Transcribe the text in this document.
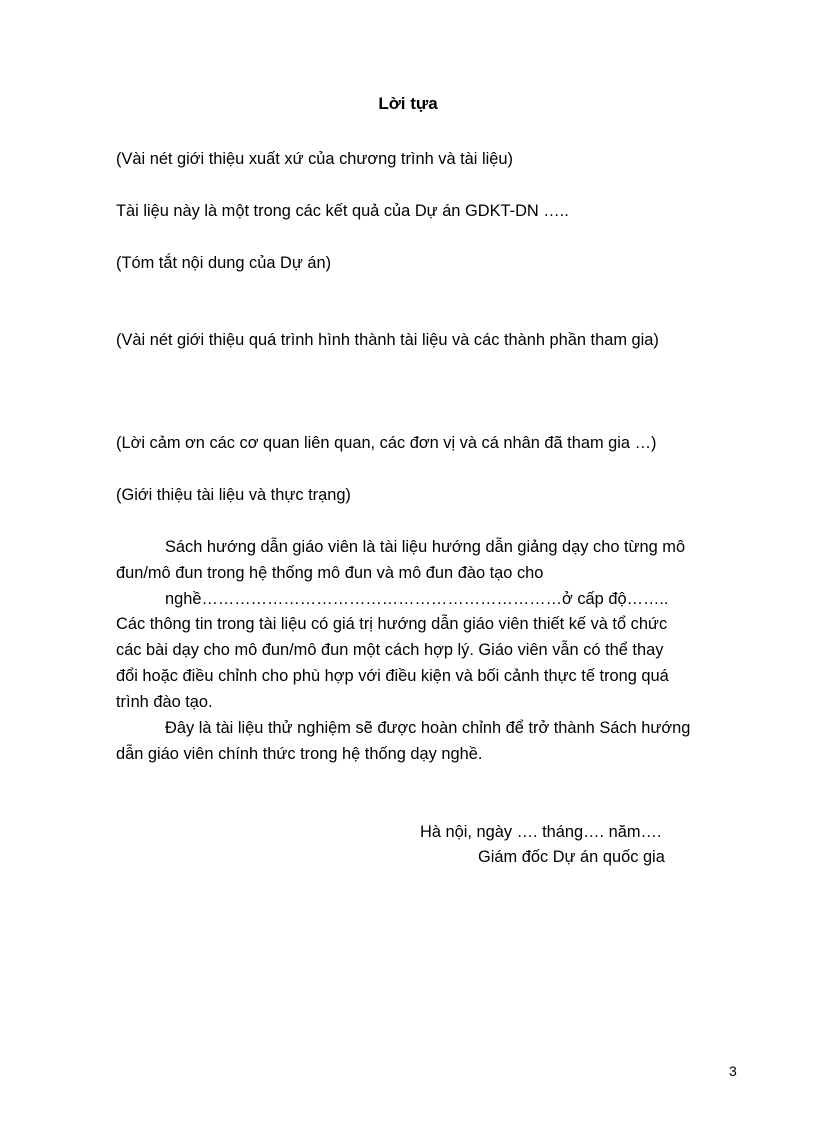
Lời tựa
(Vài nét giới thiệu xuất xứ của chương trình và tài liệu)
Tài liệu này là một trong các kết quả của Dự án GDKT-DN …..
(Tóm tắt nội dung của Dự án)
(Vài nét giới thiệu quá trình hình thành tài liệu và các thành phần tham gia)
(Lời cảm ơn các cơ quan liên quan, các đơn vị và cá nhân đã tham gia …)
(Giới thiệu tài liệu và thực trạng)
Sách hướng dẫn giáo viên là tài liệu hướng dẫn giảng dạy cho từng mô
đun/mô đun trong hệ thống mô đun và mô đun đào tạo cho
nghề…………………………………………………………ở cấp độ……..
Các thông tin trong tài liệu có giá trị hướng dẫn giáo viên thiết kế và tổ chức
các bài dạy cho mô đun/mô đun một cách hợp lý. Giáo viên vẫn có thể thay
đổi hoặc điều chỉnh cho phù hợp với điều kiện và bối cảnh thực tế trong quá
trình đào tạo.
Đây là tài liệu thử nghiệm sẽ được hoàn chỉnh để trở thành Sách hướng
dẫn giáo viên chính thức trong hệ thống dạy nghề.
Hà nội, ngày …. tháng…. năm….
Giám đốc Dự án quốc gia
3
